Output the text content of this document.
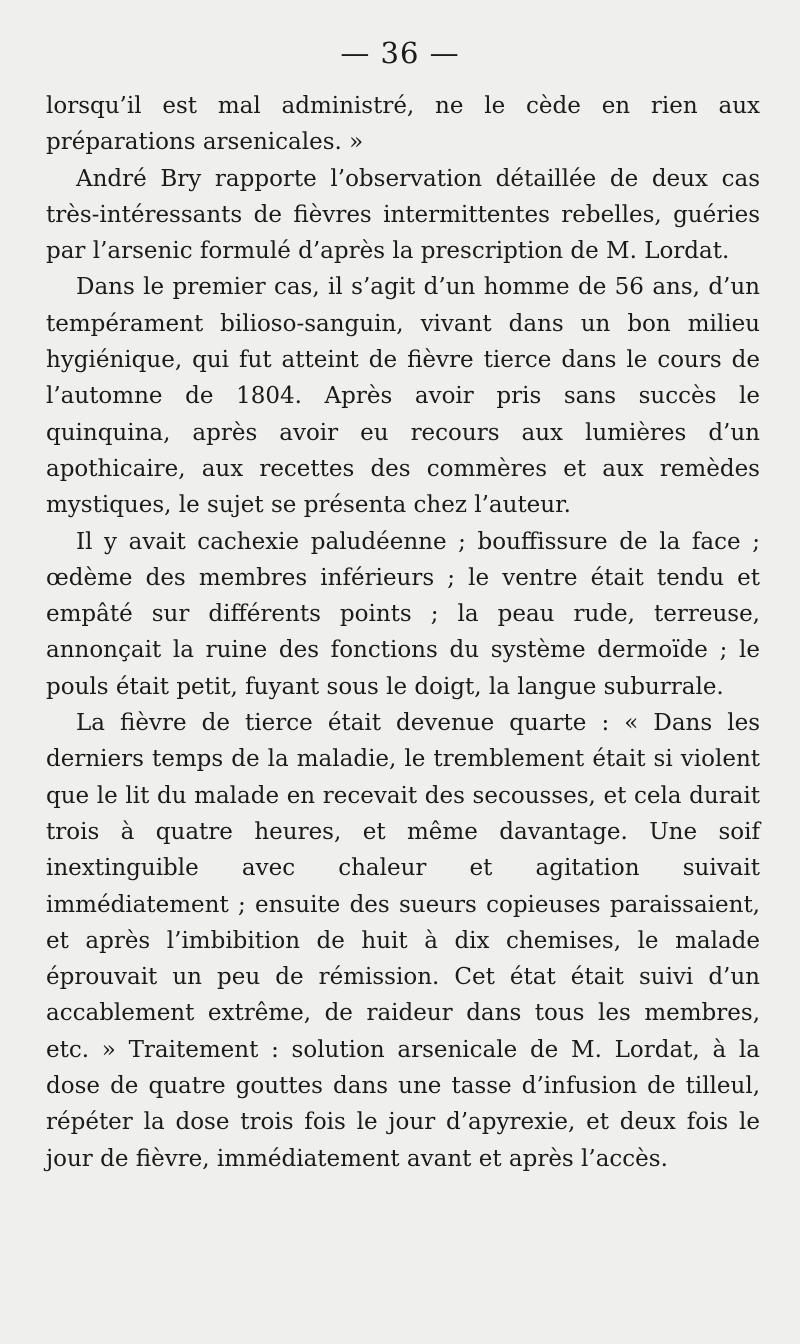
— 36 —

lorsqu’il est mal administré, ne le cède en rien aux préparations arsenicales. »

André Bry rapporte l’observation détaillée de deux cas très-intéressants de fièvres intermittentes rebelles, guéries par l’arsenic formulé d’après la prescription de M. Lordat.

Dans le premier cas, il s’agit d’un homme de 56 ans, d’un tempérament bilioso-sanguin, vivant dans un bon milieu hygiénique, qui fut atteint de fièvre tierce dans le cours de l’automne de 1804. Après avoir pris sans succès le quinquina, après avoir eu recours aux lumières d’un apothicaire, aux recettes des commères et aux remèdes mystiques, le sujet se présenta chez l’auteur.

Il y avait cachexie paludéenne ; bouffissure de la face ; œdème des membres inférieurs ; le ventre était tendu et empâté sur différents points ; la peau rude, terreuse, annonçait la ruine des fonctions du système dermoïde ; le pouls était petit, fuyant sous le doigt, la langue suburrale.

La fièvre de tierce était devenue quarte : « Dans les derniers temps de la maladie, le tremblement était si violent que le lit du malade en recevait des secousses, et cela durait trois à quatre heures, et même davantage. Une soif inextinguible avec chaleur et agitation suivait immédiatement ; ensuite des sueurs copieuses paraissaient, et après l’imbibition de huit à dix chemises, le malade éprouvait un peu de rémission. Cet état était suivi d’un accablement extrême, de raideur dans tous les membres, etc. » Traitement : solution arsenicale de M. Lordat, à la dose de quatre gouttes dans une tasse d’infusion de tilleul, répéter la dose trois fois le jour d’apyrexie, et deux fois le jour de fièvre, immédiatement avant et après l’accès.
